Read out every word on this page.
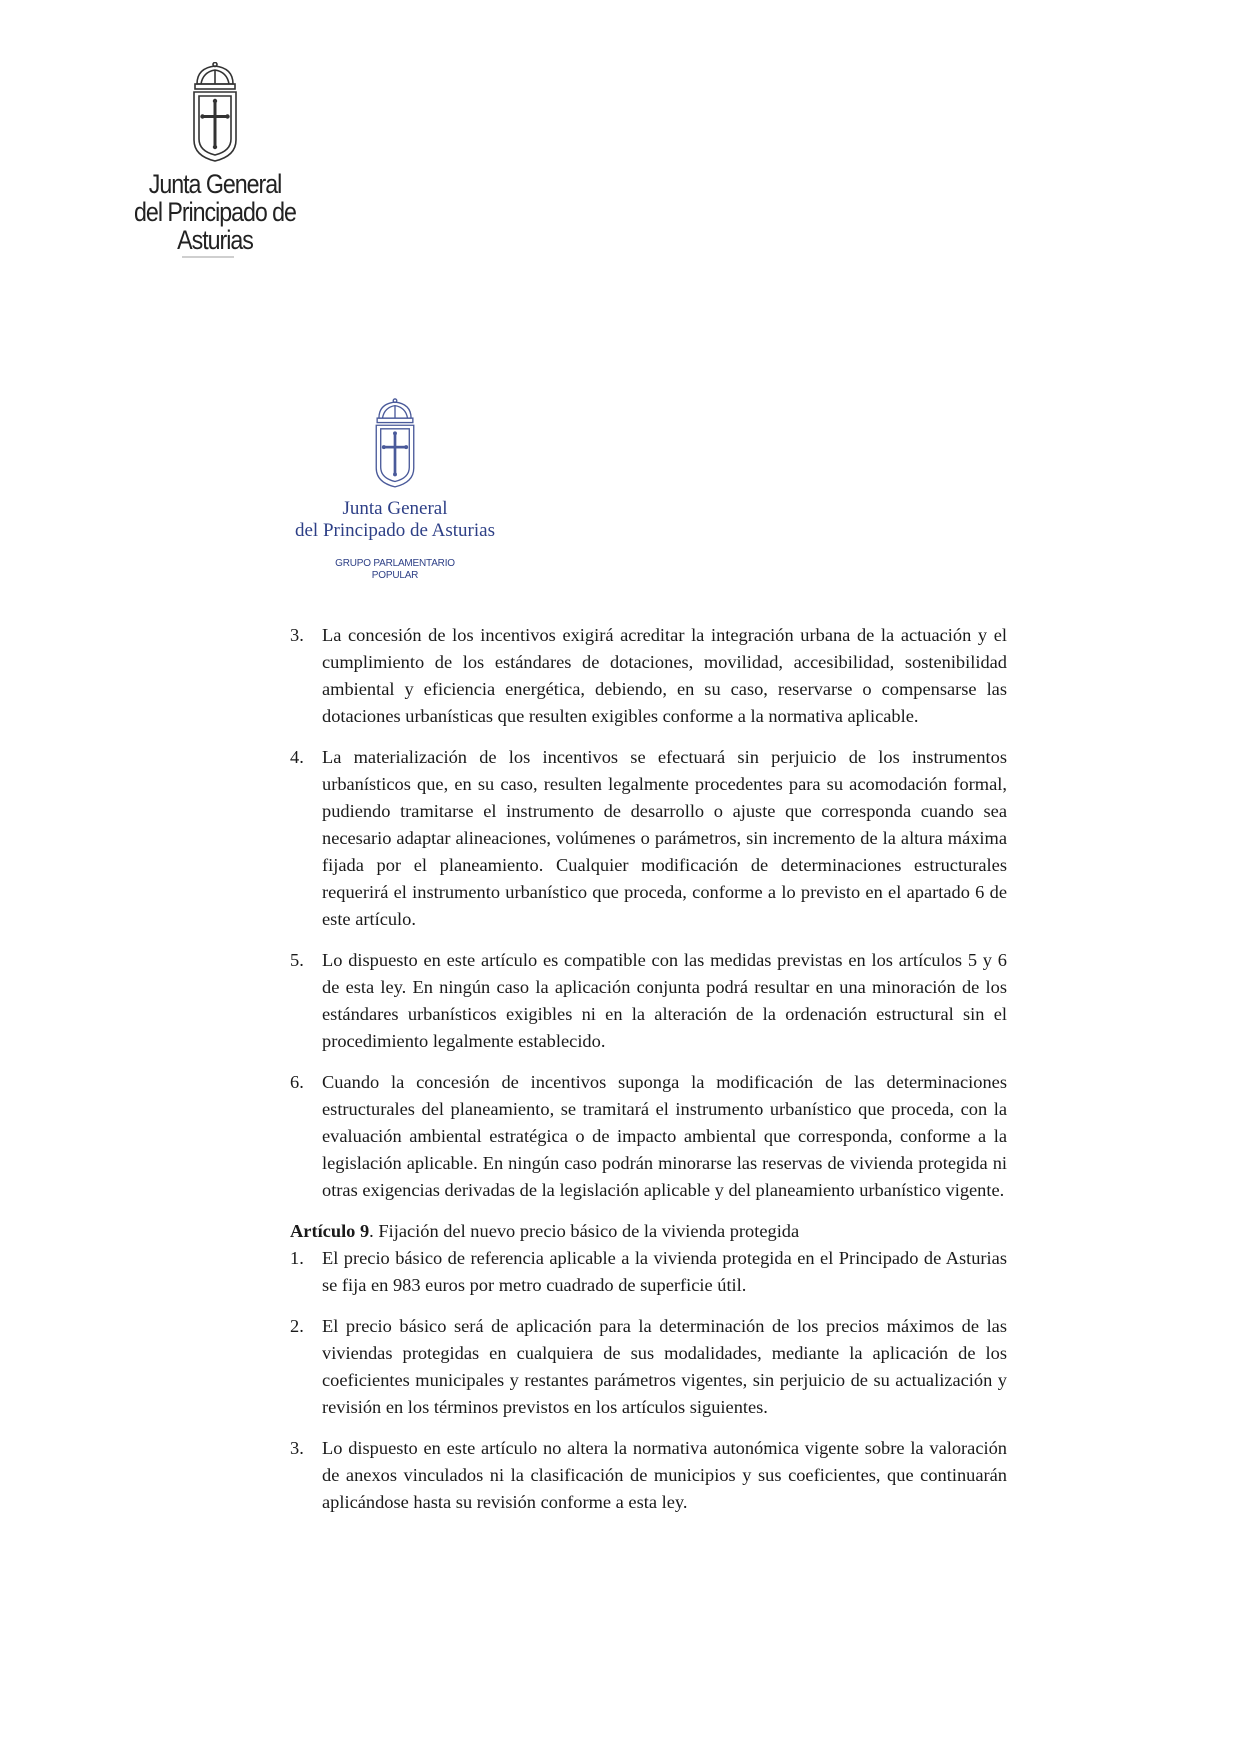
Junta General
del Principado de Asturias
Junta General
del Principado de Asturias
GRUPO PARLAMENTARIO
POPULAR
3. La concesión de los incentivos exigirá acreditar la integración urbana de la actuación y el cumplimiento de los estándares de dotaciones, movilidad, accesibilidad, sostenibilidad ambiental y eficiencia energética, debiendo, en su caso, reservarse o compensarse las dotaciones urbanísticas que resulten exigibles conforme a la normativa aplicable.
4. La materialización de los incentivos se efectuará sin perjuicio de los instrumentos urbanísticos que, en su caso, resulten legalmente procedentes para su acomodación formal, pudiendo tramitarse el instrumento de desarrollo o ajuste que corresponda cuando sea necesario adaptar alineaciones, volúmenes o parámetros, sin incremento de la altura máxima fijada por el planeamiento. Cualquier modificación de determinaciones estructurales requerirá el instrumento urbanístico que proceda, conforme a lo previsto en el apartado 6 de este artículo.
5. Lo dispuesto en este artículo es compatible con las medidas previstas en los artículos 5 y 6 de esta ley. En ningún caso la aplicación conjunta podrá resultar en una minoración de los estándares urbanísticos exigibles ni en la alteración de la ordenación estructural sin el procedimiento legalmente establecido.
6. Cuando la concesión de incentivos suponga la modificación de las determinaciones estructurales del planeamiento, se tramitará el instrumento urbanístico que proceda, con la evaluación ambiental estratégica o de impacto ambiental que corresponda, conforme a la legislación aplicable. En ningún caso podrán minorarse las reservas de vivienda protegida ni otras exigencias derivadas de la legislación aplicable y del planeamiento urbanístico vigente.

Artículo 9. Fijación del nuevo precio básico de la vivienda protegida

1. El precio básico de referencia aplicable a la vivienda protegida en el Principado de Asturias se fija en 983 euros por metro cuadrado de superficie útil.
2. El precio básico será de aplicación para la determinación de los precios máximos de las viviendas protegidas en cualquiera de sus modalidades, mediante la aplicación de los coeficientes municipales y restantes parámetros vigentes, sin perjuicio de su actualización y revisión en los términos previstos en los artículos siguientes.
3. Lo dispuesto en este artículo no altera la normativa autonómica vigente sobre la valoración de anexos vinculados ni la clasificación de municipios y sus coeficientes, que continuarán aplicándose hasta su revisión conforme a esta ley.
